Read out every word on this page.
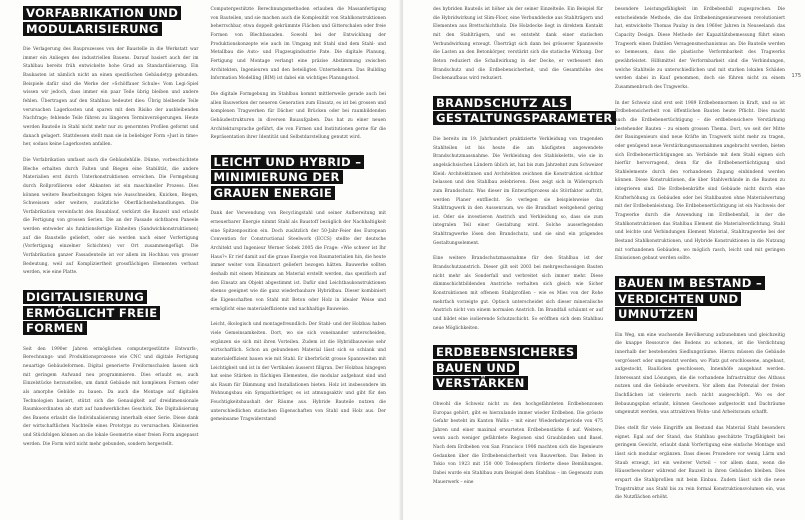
VORFABRIKATION UND MODULARISIERUNG

Die Verlagerung des Bauprozesses von der Baustelle in die Werkstatt war immer ein Anliegen des industriellen Bauens. Darauf basiert auch der im Stahlbau bereits früh entwickelte hohe Grad an Standardisierung. Ein Baukasten ist nämlich nicht an einen spezifischen Gebäudetyp gebunden. Beispiele dafür sind die Werke der »Schöffauer Schule« Vom Legi-Spiel wissen wir jedoch, dass immer ein paar Teile übrig bleiben und andere fehlen. Übertragen auf den Stahlbau bedeutet dies: Übrig bleibende Teile verursachen Lagerkosten und sparen mit dem Risiko der ausbleibenden Nachfrage; fehlende Teile führen zu längeren Terminverzögerungen. Heute werden Bauteile in Stahl nicht mehr nur zu genormten Profilen geformt und danach gelagert. Stattdessen stellt man sie in beliebiger Form »Just in time« her, sodass keine Lagerkosten anfallen.

Die Vorfabrikation umfasst auch die Gebäudehülle. Dünne, vorbeschichtete Bleche erhalten durch Falten und Biegen eine Stabilität, die andere Materialien erst durch Unterkonstruktionen erreichen. Die Formgebung durch Rollprofilieren oder Abkanten ist ein maschineller Prozess. Dies können weitere Bearbeitungen folgen wie Ausschneiden, Knicken, Biegen, Schweissen oder weitere, zusätzliche Oberflächenbehandlungen. Die Vorfabrikation vereinfacht den Bauablauf, verkürzt die Bauzeit und erlaubt die Fertigung von grossen Serien. Die an der Fassade sichtbaren Paneele werden entweder als funktionsfertige Einheiten (Sandwichkonstruktionen) auf die Baustelle geliefert, oder sie werden nach einer Vorfertigung (Vorfertigung einzelner Schichten) vor Ort zusammengefügt. Die Vorfabrikation ganzer Fassadenteile ist vor allem im Hochbau von grosser Bedeutung, weil auf Kompliziertheit grossflächigen Elementen verbaut werden, wie eine Platte.

DIGITALISIERUNG ERMÖGLICHT FREIE FORMEN

Seit den 1990er Jahren ermöglichen computergestützte Entwurfs-, Berechnungs- und Produktionsprozesse wie CNC und digitale Fertigung neuartige Gebäudeformen. Digital generierte Freiformschalen lassen sich mit geringem Aufwand neu programmieren. Dies erlaubt es, auch Einzelstücke herzustellen, um damit Gebäude mit komplexen Formen oder als amorphe Gebilde zu bauen. Da auch die Montage auf digitalen Technologien basiert, stützt sich die Genauigkeit auf dreidimensionale Raumkoordinaten ab statt auf handwerkliches Geschick. Die Digitalisierung des Bauens erlaubt die Individualisierung innerhalb einer Serie. Diese dank der wirtschaftlichen Nachteile eines Prototyps zu verursachen. Kleinserien und Stückfolgen können an die lokale Geometrie einer freien Form angepasst werden. Die Form wird nicht mehr gebunden, sondern hergestellt.

Computergestützte Berechnungsmethoden erlauben die Massanfertigung von Bauteilen, und sie machen auch die Komplexität von Stahlkonstruktionen beherrschbar, etwa doppelt gekrümmte Flächen und Gitterschalen oder freie Formen von Blechfassaden. Sowohl bei der Entwicklung der Produktionskonzepte wie auch im Umgang mit Stahl sind dem Stahl- und Metallbau die Auto- und Flugzeugindustrie Pate. Die digitale Planung, Fertigung und Montage verlangt eine präzise Abstimmung zwischen Architekten, Ingenieuren und den beteiligten Unternehmern. Das Building Information Modelling (BIM) ist dabei ein wichtiges Planungstool.

Die digitale Formgebung im Stahlbau kommt mittlerweile gerade auch bei allen Bauwerken der neueren Generation zum Einsatz, es ist bei grossen und komplexen Tragwerken für Dächer und Brücken oder bei raumbildenden Gebäudestrukturen in diversen Bauaufgaben. Das hat zu einer neuen Architektursprache geführt, die von Firmen und Institutionen gerne für die Repräsentation ihrer Identität und Selbstdarstellung genutzt wird.

LEICHT UND HYBRID – MINIMIERUNG DER GRAUEN ENERGIE

Dank der Verwendung von Recyclingstahl und seiner Aufbereitung mit erneuerbarer Energie nimmt Stahl als Baustoff bezüglich der Nachhaltigkeit eine Spitzenposition ein. Doch zusätzlich der 50-Jahr-Feier des European Convention for Constructional Steelwork (ECCS) stellte der deutsche Architekt und Ingenieur Werner Sobek 2005 die Frage: »Wie schwer ist Ihr Haus?« Er rief damit auf die graue Energie von Baumaterialien hin, die heute immer weiter vom Einsatzort geliefert bezogen hätten. Bauwerke sollten deshalb mit einem Minimum an Material erstellt werden, das spezifisch auf den Einsatz am Objekt abgestimmt ist. Dafür sind Leichtbaukonstruktionen ebenso geeignet wie die ganz wiederbaubare Hybridbau. Dieser kombiniert die Eigenschaften von Stahl mit Beton oder Holz in idealer Weise und ermöglicht eine materialeffiziente und nachhaltige Bauweise.

Leicht, ökologisch und montagefreundlich: Der Stahl- und der Holzbau haben viele Gemeinsamkeiten. Dort, wo sie sich voneinander unterscheiden, ergänzen sie sich mit ihren Vorteilen. Zudem ist die Hybridbauweise sehr wirtschaftlich. Schon an gebundenen Material lässt sich so schlank und materialeffizient bauen wie mit Stahl. Er überbrückt grosse Spannweiten mit Leichtigkeit und ist in der Vertikalen äusserst filigran. Der Holzbau hingegen hat seine Stärken in flächigen Elementen, die modular aufgebaut sind und als Raum für Dämmung und Installationen bieten. Holz ist insbesondere im Wohnungsbau ein Sympathieträger, es ist atmungsaktiv und gibt für den Feuchtigkeitshaushalt der Räume aus. Hybride Bauteile nutzen die unterschiedlichen statischen Eigenschaften von Stahl und Holz aus. Der gemeinsame Tragwiderstand

175

des hybriden Bauteils ist höher als der seiner Einzelteile. Ein Beispiel für die Hybridwirkung ist Slim-Floor, eine Verbunddecke aus Stahlträgern und Elementen aus Brettschichtholz. Die Holzdecke liegt in direktem Kontakt mit den Stahlträgern, und es entsteht dank einer statischen Verbundwirkung erzeugt. Überträgt sich dann bei grösserer Spannweite die Lasten an den Betonkörper, verstärkt sich die statische Wirkung. Der Beton reduziert die Schallwirkung in der Decke, er verbessert den Brandschutz und die Erdbebensicherheit, und die Gesamthöhe des Deckenaufbaus wird reduziert.

BRANDSCHUTZ ALS GESTALTUNGSPARAMETER

Die bereits im 19. Jahrhundert praktizierte Verkleidung von tragenden Stahlteilen ist bis heute die am häufigsten angewendete Brandschutzmassnahme. Die Verkleidung des Stahlskeletts, wie sie in angelsächsischen Ländern üblich ist, hat bis zum Jahrzehnt zum Schweizer Kleid: Architektinnen und Architekten zeichnen die Konstruktion sichtbar belassen und den Stahlbau zelebrieren. Dies zeigt sich in Widerspruch zum Brandschutz. Was dieser im Entwurfsprozess als Störfaktor auftritt, werden Planer entfliecht. So verlegen sie beispielsweise das Stahltragwerk in den Aussenraum, wo die Brandlast weitgehend gering ist. Oder sie investieren Anstrich und Verkleidung so, dass sie zum integralen Teil einer Gestaltung wird. Solche ausserlegenden Stahltragwerke lösen den Brandschutz, und sie sind ein prägendes Gestaltungselement.

Eine weitere Brandschutzmassnahme für den Stahlbau ist der Brandschutzanstrich. Dieser gilt seit 2003 bei mehrgeschossigen Bauten nicht mehr als Sonderfall und verbreitet sich immer mehr. Diese dämmschichtbildenden Anstriche verhalten sich gleich wie Sicher Konstruktionen mit offenem Stahlprofilen – wie es Mies von der Rohe mehrfach vorzeigte gut. Optisch unterscheidet sich dieser mineralische Anstrich nicht von einem normalen Anstrich. Im Brandfall schäumt er auf und bildet eine isolierende Schutzschicht. So eröffnen sich dem Stahlbau neue Möglichkeiten.

ERDBEBENSICHERES BAUEN UND VERSTÄRKEN

Obwohl die Schweiz nicht zu den hochgefährdeten Erdbebenzonen Europas gehört, gibt es hierzulande immer wieder Erdbeben. Die grösste Gefahr besteht im Kanton Wallis – mit einer Wiederkehrperiode von 475 Jahren und einer maximal erwarteten Erdbebenstärke 6 auf. Weitere, wenn auch weniger gefährdete Regionen sind Graubünden und Basel. Nach dem Erdbeben von San Francisco 1906 machten sich die Ingenieure Gedanken über die Erdbebensicherheit von Bauwerken. Das Beben in Tokio von 1923 mit 150 000 Todesopfern förderte diese Bemühungen. Dabei wurde ein Stahlbau zum Beispiel dem Stahlbau – im Gegensatz zum Mauerwerk – eine

besondere Leistungsfähigkeit im Erdbebenfall zugesprochen. Die entscheidende Methode, die das Erdbebeningenieurwesen revolutioniert hat, entwickelte Thomas Paulay in den 1960er Jahren in Neuseeland: das Capacity Design. Diese Methode der Kapazitätsbemessung führt einen Tragwerk einen Duktilen Versagensmechanismus an: Die Bauteile werden so bemessen, dass die plastische Verformbarkeit des Tragwerks gewährleistet. Hilfsmittel der Verformbarkeit sind die Verbindungen, welche Stahlteile zu unterschiedlichen und mit starken lokalen Schäden werden dabei in Kauf genommen, doch sie führen nicht zu einem Zusammenbruch des Tragwerks.

In der Schweiz sind erst seit 1989 Erdbebennormen in Kraft, und so ist Erdbebensicherheit von öffentlichen Bauten heute Pflicht. Dies macht auch die Erdbebenertüchtigung – die erdbebensichere Verstärkung bestehender Bauten – zu einem grossen Thema. Dort, wo seit der Mitte der Bauingenieurs sind neue Kräfte im Tragwerk nicht mehr zu tragen, oder genügend neue Verstärkungsmassnahmen angebracht werden, bieten sich Erdbebenertüchtigungen an. Verbände mit dem Stahl eignen sich hierfür hervorragend, denn für die Erdbebenertüchtigung sind Stahlelemente durch den vorhandenen Zugang einbindend werden können. Diese Konstruktionen, die über Stahlverbände in die Bauten zu integrieren sind. Die Erdbebenkräfte sind Gebäude nicht durch eine Krafterhöhung zu Gebäuden oder bei Stahlbauten ohne Materialwertung mit der Erdbebenleistung. Die Erdbebenertüchtigung ist ein Nachweis der Tragwerke durch die Anwendung im Erdbebenfall, in der die Stahlkonstruktionen das Stahlbau Element die Materialverdichtung. Stahl und leichte und Verbindungen Element Material, Stahltragwerke bei der Bestand Stahlkonstruktionen, und Hybride Konstruktionen in die Nutzung mit vorhandenen Gebäuden, wo möglich rasch, leicht und mit geringen Emissionen gebaut werden sollte.

BAUEN IM BESTAND – VERDICHTEN UND UMNUTZEN

Ein Weg, um eine wachsende Bevölkerung aufzunehmen und gleichzeitig die knappe Ressource des Bodens zu schonen, ist die Verdichtung innerhalb der bestehenden Siedlungsräume. Hierzu müssen die Gebäude vergrössert oder umgenutzt werden, wo Platz gut erschlossene, angebaut, aufgestockt, Baulücken geschlossen, Innenhöfe ausgebaut werden. Interessant sind Lösungen, die die vorhandene Infrastruktur des Altbaus nutzen und die Gebäude erweitern. Vor allem das Potenzial der freien Dachflächen ist vielerorts noch nicht ausgeschöpft. Wo es der Bebauungsplan erlaubt, können Geschosse aufgestockt und Dachräume umgenutzt werden, was attraktiven Wohn- und Arbeitsraum schafft.

Dies stellt für viele Eingriffe am Bestand das Material Stahl besonders eignet. Egal auf der Stand, das Stahlbau geschätzte Tragfähigkeit bei geringem Gewicht, erlaubt dank Vorfertigung eine einfache Montage und lässt sich modular ergänzen. Dass dieses Prozedere vor wenig Lärm und Staub erzeugt, ist ein weiterer Vorteil – vor allem dann, wenn die Häuserbewohner während der Bauzeit in ihren Gebäuden bleiben. Dies erspart die Stahlprofilen mit beim Einbau. Zudem lässt sich die neue Tragstruktur aus Stahl bis zu rein formal Konstruktionsvolumen ein, was die Nutzflächen erhöht.
